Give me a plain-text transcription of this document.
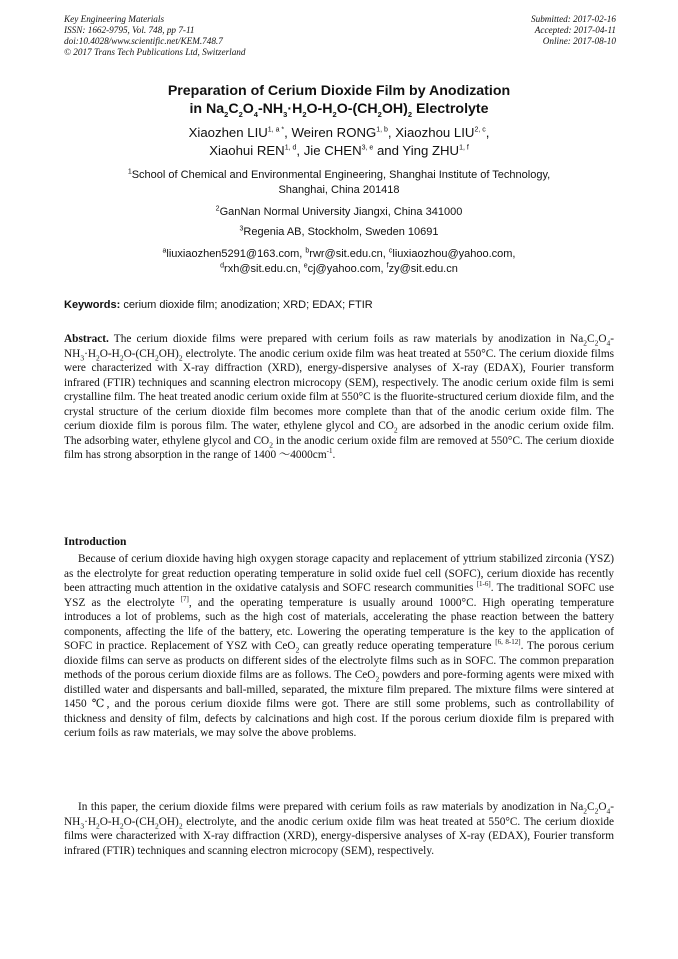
Key Engineering Materials
ISSN: 1662-9795, Vol. 748, pp 7-11
doi:10.4028/www.scientific.net/KEM.748.7
© 2017 Trans Tech Publications Ltd, Switzerland
Submitted: 2017-02-16
Accepted: 2017-04-11
Online: 2017-08-10
Preparation of Cerium Dioxide Film by Anodization
in $Na_2C_2O_4-NH_3\cdot H_2O-H_2O-(CH_2OH)_2$ Electrolyte
Xiaozhen $LIU^{1, a *}$, Weiren RONG$^{1, b}$, Xiaozhou LIU$^{2, c}$,
Xiaohui REN$^{1, d}$, Jie CHEN$^{3, e}$ and Ying ZHU$^{1, f}$
$^1$School of Chemical and Environmental Engineering, Shanghai Institute of Technology,
Shanghai, China 201418
$^2$GanNan Normal University Jiangxi, China 341000
$^3$Regenia AB, Stockholm, Sweden 10691
$^a$liuxiaozhen5291@163.com, $^b$rwr@sit.edu.cn, $^c$liuxiaozhou@yahoo.com,
$^d$rxh@sit.edu.cn, $^e$cj@yahoo.com, $^f$zy@sit.edu.cn
Keywords: cerium dioxide film; anodization; XRD; EDAX; FTIR

Abstract. The cerium dioxide films were prepared with cerium foils as raw materials by anodization in $Na_2C_2O_4-NH_3\cdot H_2O-H_2O-(CH_2OH)_2$ electrolyte. The anodic cerium oxide film was heat treated at 550°C. The cerium dioxide films were characterized with X-ray diffraction (XRD), energy-dispersive analyses of X-ray (EDAX), Fourier transform infrared (FTIR) techniques and scanning electron microcopy (SEM), respectively. The anodic cerium oxide film is semi crystalline film. The heat treated anodic cerium oxide film at 550°C is the fluorite-structured cerium dioxide film, and the crystal structure of the cerium dioxide film becomes more complete than that of the anodic cerium oxide film. The cerium dioxide film is porous film. The water, ethylene glycol and $CO_2$ are adsorbed in the anodic cerium oxide film. The adsorbing water, ethylene glycol and $CO_2$ in the anodic cerium oxide film are removed at 550°C. The cerium dioxide film has strong absorption in the range of 1400 $\sim 4000cm^{-1}$.

Introduction

Because of cerium dioxide having high oxygen storage capacity and replacement of yttrium stabilized zirconia (YSZ) as the electrolyte for great reduction operating temperature in solid oxide fuel cell (SOFC), cerium dioxide has recently been attracting much attention in the oxidative catalysis and SOFC research communities [1-6]. The traditional SOFC use YSZ as the electrolyte [7], and the operating temperature is usually around 1000°C. High operating temperature introduces a lot of problems, such as the high cost of materials, accelerating the phase reaction between the battery components, affecting the life of the battery, etc. Lowering the operating temperature is the key to the application of SOFC in practice. Replacement of YSZ with CeO$_2$ can greatly reduce operating temperature [6, 8-12]. The porous cerium dioxide films can serve as products on different sides of the electrolyte films such as in SOFC. The common preparation methods of the porous cerium dioxide films are as follows. The CeO$_2$ powders and pore-forming agents were mixed with distilled water and dispersants and ball-milled, separated, the mixture film prepared. The mixture films were sintered at 1450 ℃, and the porous cerium dioxide films were got. There are still some problems, such as controllability of thickness and density of film, defects by calcinations and high cost. If the porous cerium dioxide film is prepared with cerium foils as raw materials, we may solve the above problems.

In this paper, the cerium dioxide films were prepared with cerium foils as raw materials by anodization in $Na_2C_2O_4-NH_3\cdot H_2O-H_2O-(CH_2OH)_2$ electrolyte, and the anodic cerium oxide film was heat treated at 550°C. The cerium dioxide films were characterized with X-ray diffraction (XRD), energy-dispersive analyses of X-ray (EDAX), Fourier transform infrared (FTIR) techniques and scanning electron microcopy (SEM), respectively.
